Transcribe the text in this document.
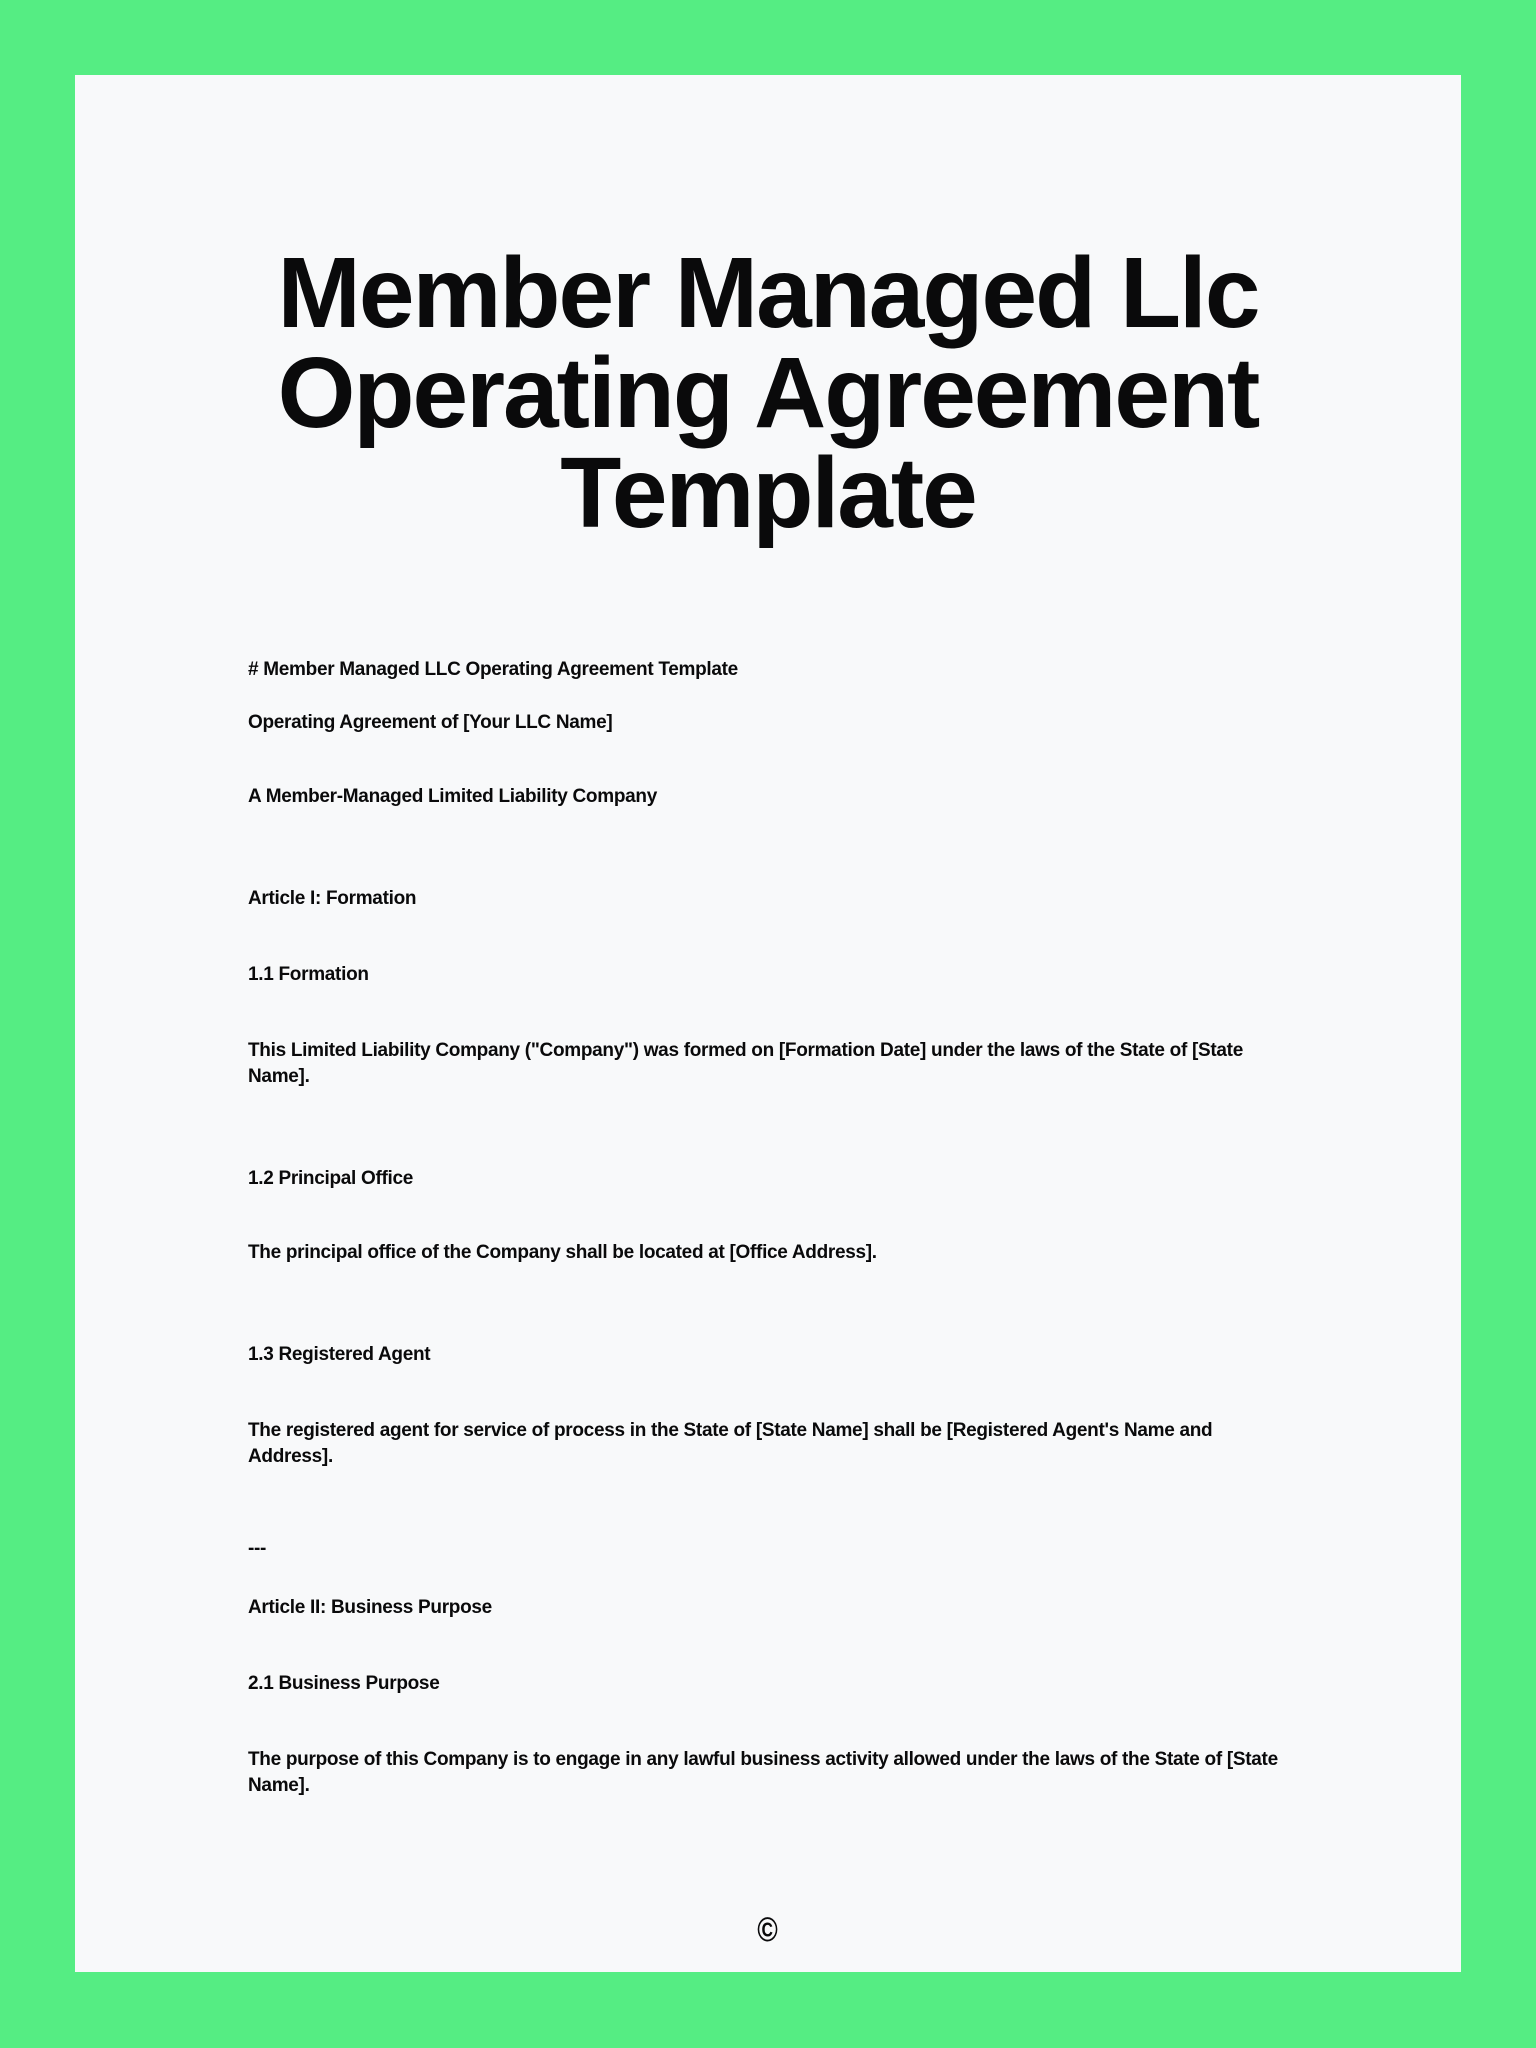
Member Managed Llc Operating Agreement Template

# Member Managed LLC Operating Agreement Template

Operating Agreement of [Your LLC Name]

A Member-Managed Limited Liability Company

Article I: Formation

1.1 Formation

This Limited Liability Company ("Company") was formed on [Formation Date] under the laws of the State of [State Name].

1.2 Principal Office

The principal office of the Company shall be located at [Office Address].

1.3 Registered Agent

The registered agent for service of process in the State of [State Name] shall be [Registered Agent's Name and Address].

---

Article II: Business Purpose

2.1 Business Purpose

The purpose of this Company is to engage in any lawful business activity allowed under the laws of the State of [State Name].

©
